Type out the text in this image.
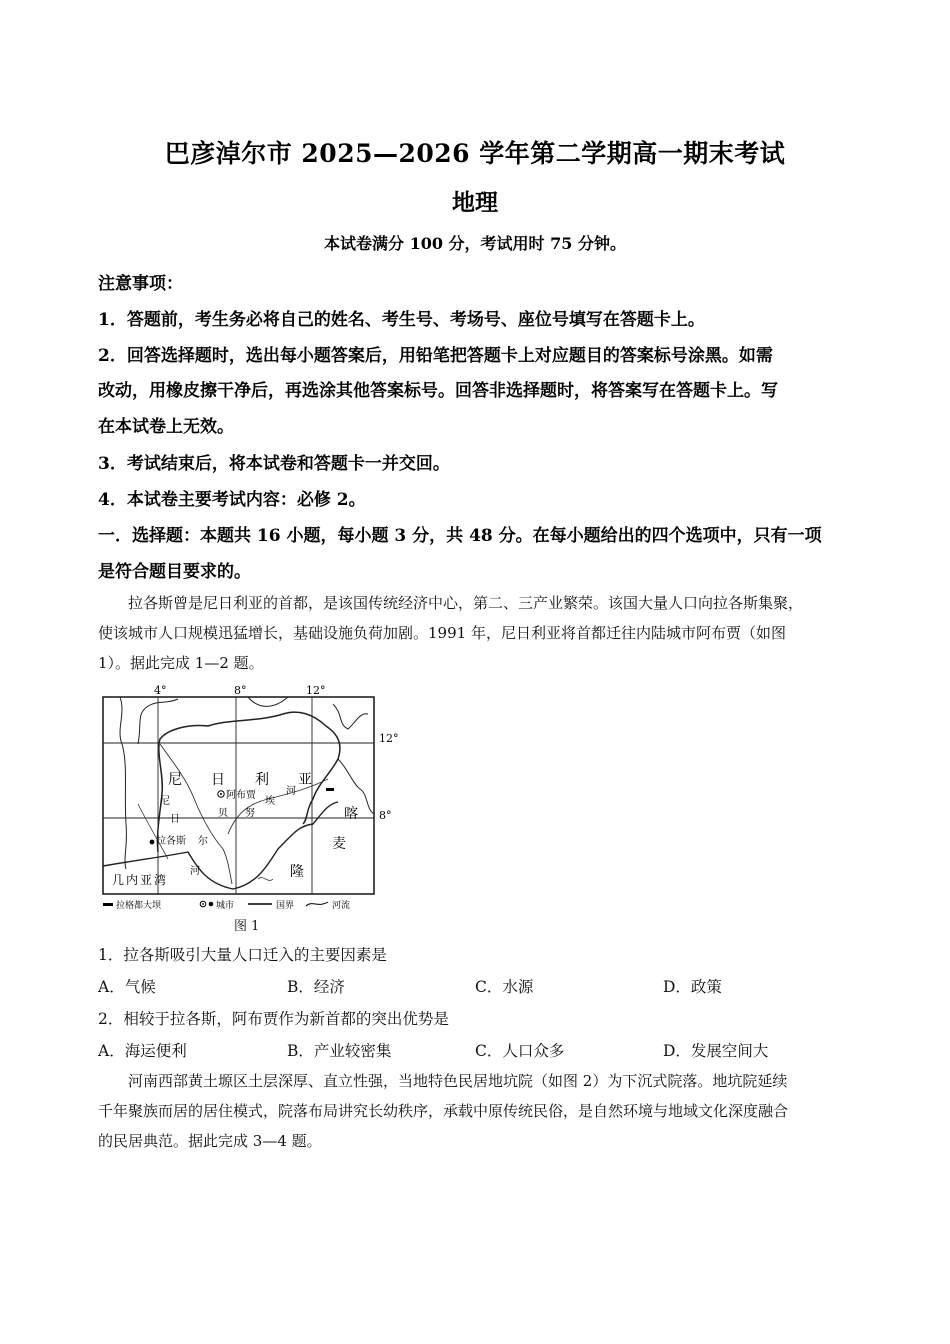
巴彦淖尔市 2025—2026 学年第二学期高一期末考试
地理
本试卷满分 100 分，考试用时 75 分钟。
注意事项：
1．答题前，考生务必将自己的姓名、考生号、考场号、座位号填写在答题卡上。
2．回答选择题时，选出每小题答案后，用铅笔把答题卡上对应题目的答案标号涂黑。如需
改动，用橡皮擦干净后，再选涂其他答案标号。回答非选择题时，将答案写在答题卡上。写
在本试卷上无效。
3．考试结束后，将本试卷和答题卡一并交回。
4．本试卷主要考试内容：必修 2。
一．选择题：本题共 16 小题，每小题 3 分，共 48 分。在每小题给出的四个选项中，只有一项
是符合题目要求的。
拉各斯曾是尼日利亚的首都，是该国传统经济中心，第二、三产业繁荣。该国大量人口向拉各斯集聚，
使该城市人口规模迅猛增长，基础设施负荷加剧。1991 年，尼日利亚将首都迁往内陆城市阿布贾（如图
1）。据此完成 1—2 题。
4°	8°	12°
12°
8°
阿布贾
拉各斯
尼 日 利 亚
尼
日
尔
河
贝 努
埃
河
喀
麦
隆
几内亚湾
拉格都大坝	城市	国界	河流
图 1
1．拉各斯吸引大量人口迁入的主要因素是
A．气候	B．经济	C．水源	D．政策
2．相较于拉各斯，阿布贾作为新首都的突出优势是
A．海运便利	B．产业较密集	C．人口众多	D．发展空间大
河南西部黄土塬区土层深厚、直立性强，当地特色民居地坑院（如图 2）为下沉式院落。地坑院延续
千年聚族而居的居住模式，院落布局讲究长幼秩序，承载中原传统民俗，是自然环境与地域文化深度融合
的民居典范。据此完成 3—4 题。
